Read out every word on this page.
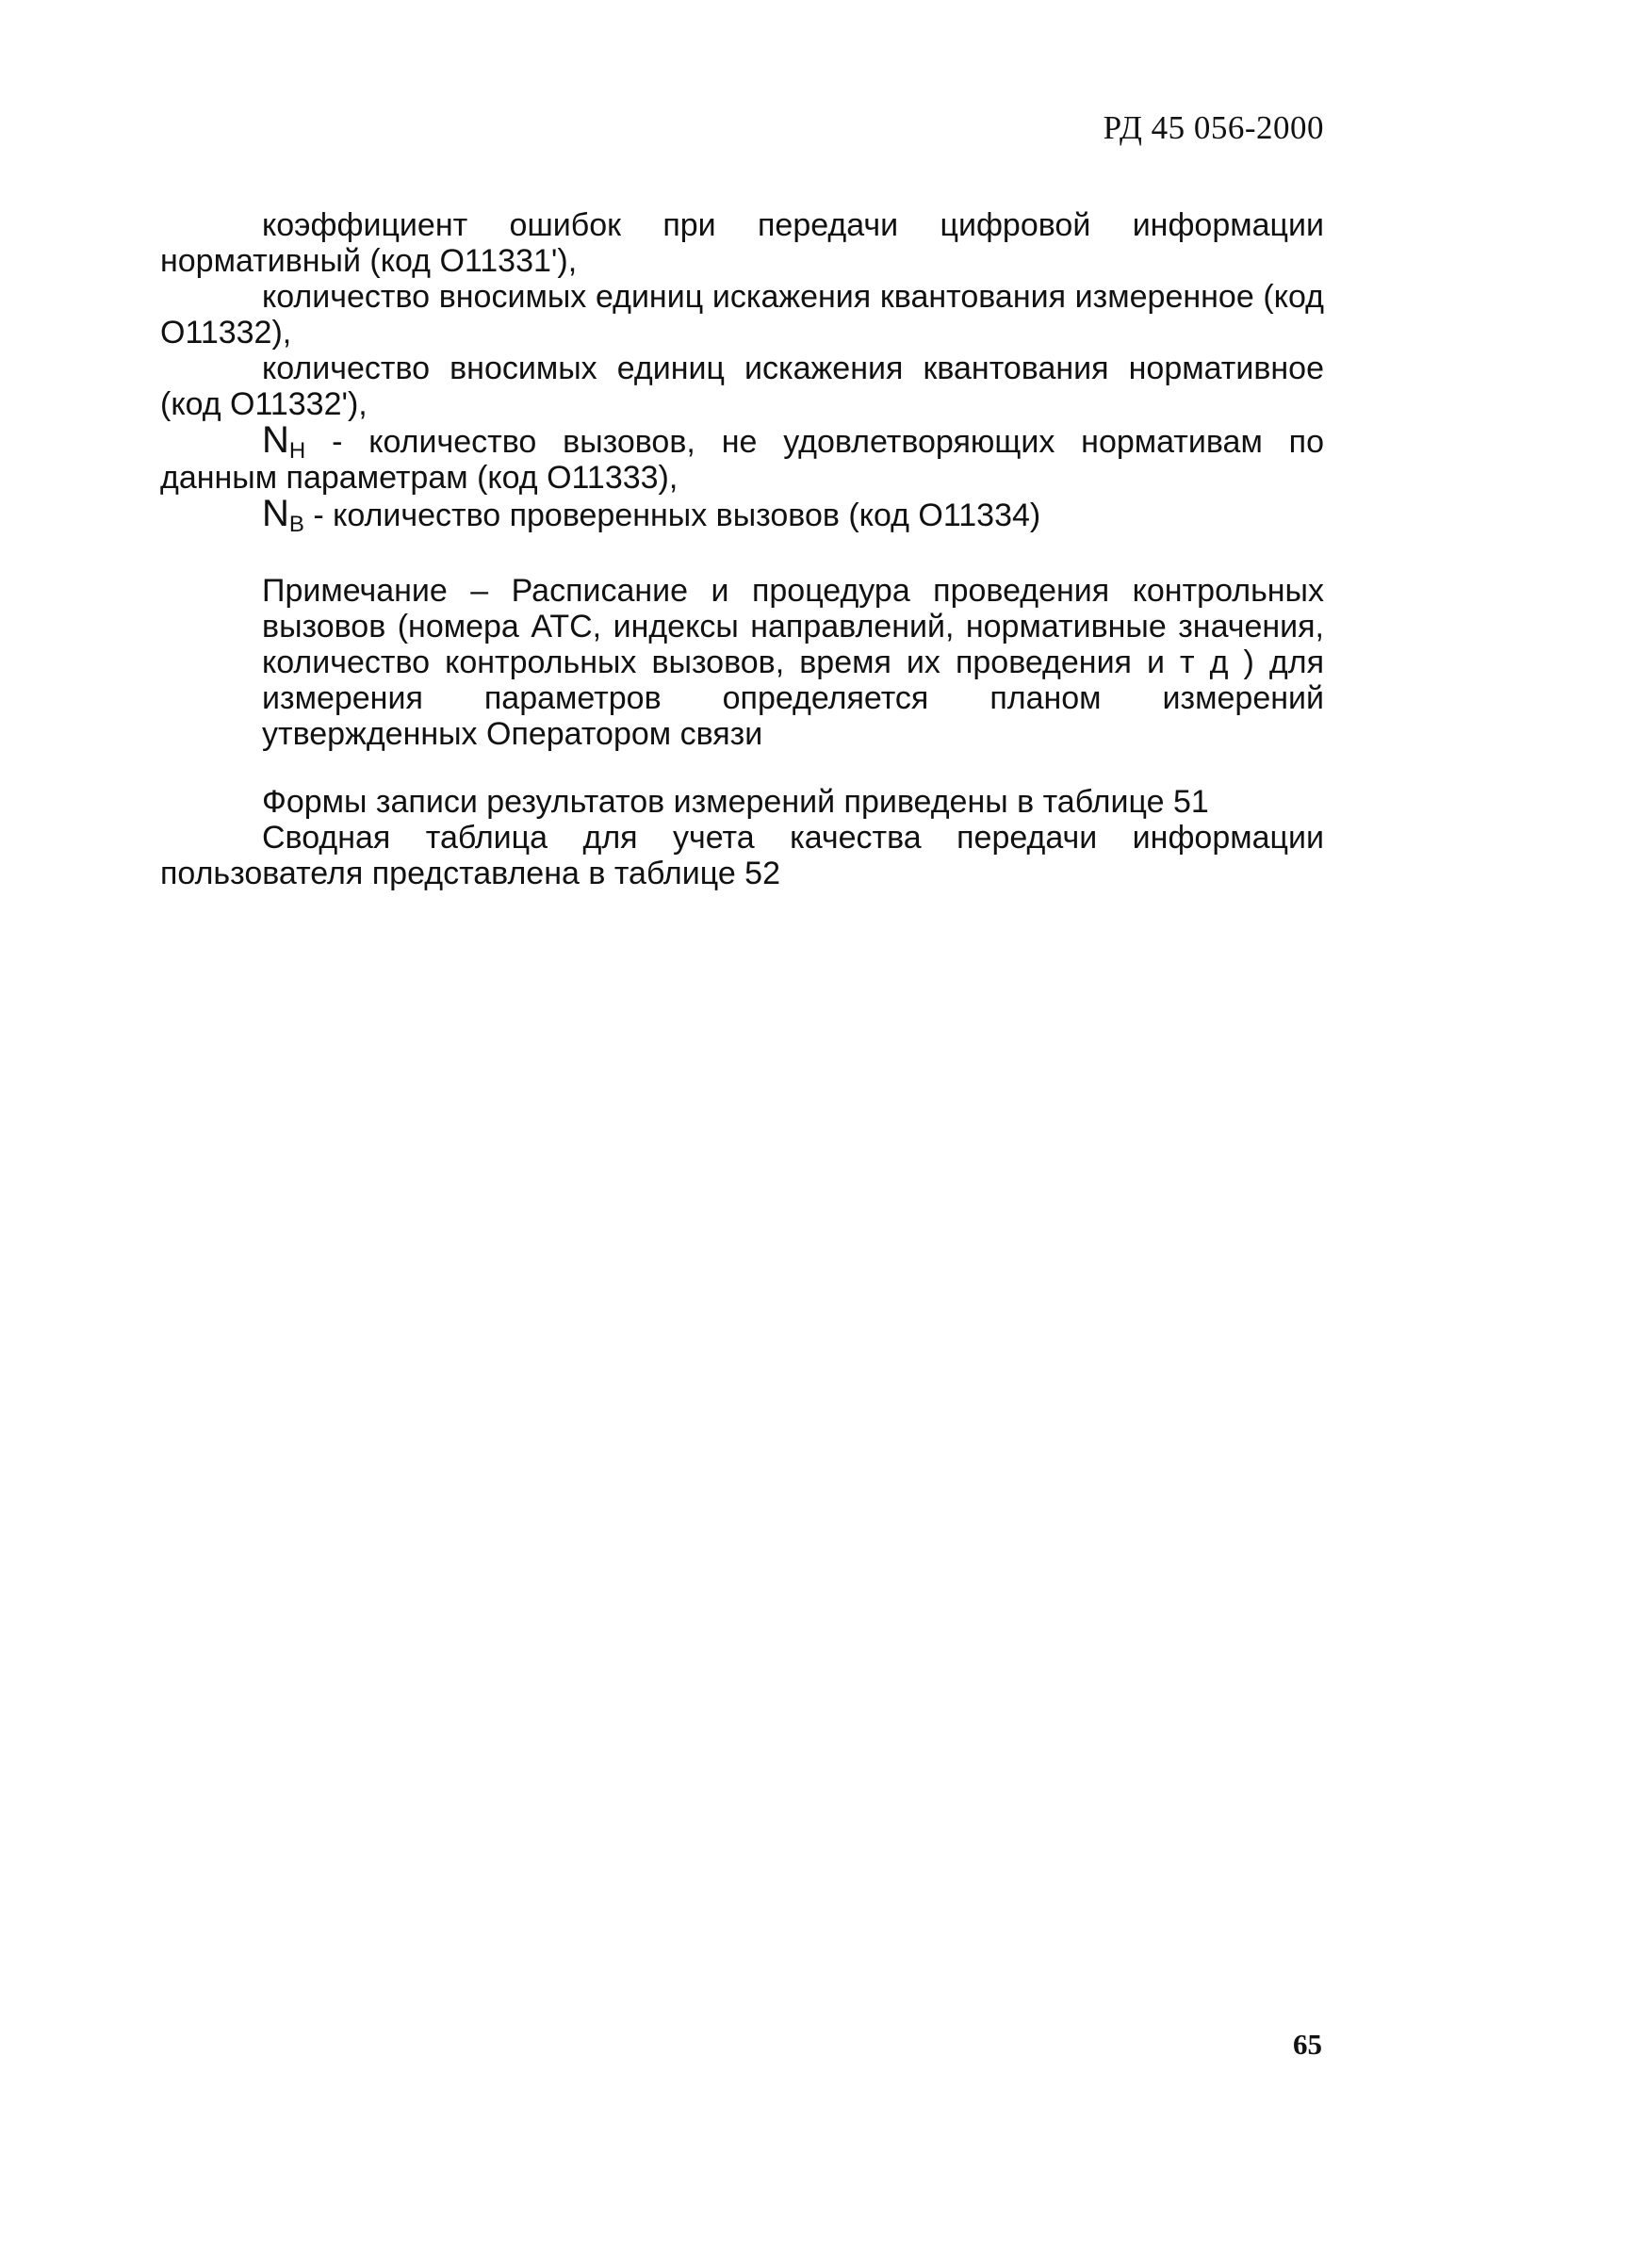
РД 45 056-2000

коэффициент ошибок при передачи цифровой информации нормативный (код О11331'),

количество вносимых единиц искажения квантования измеренное (код О11332),

количество вносимых единиц искажения квантования нормативное (код О11332'),

$N_Н$ - количество вызовов, не удовлетворяющих нормативам по данным параметрам (код О11333),

$N_В$ - количество проверенных вызовов (код О11334)

Примечание – Расписание и процедура проведения контрольных вызовов (номера АТС, индексы направлений, нормативные значения, количество контрольных вызовов, время их проведения и т д ) для измерения параметров определяется планом измерений утвержденных Оператором связи

Формы записи результатов измерений приведены в таблице 51

Сводная таблица для учета качества передачи информации пользователя представлена в таблице 52

65
